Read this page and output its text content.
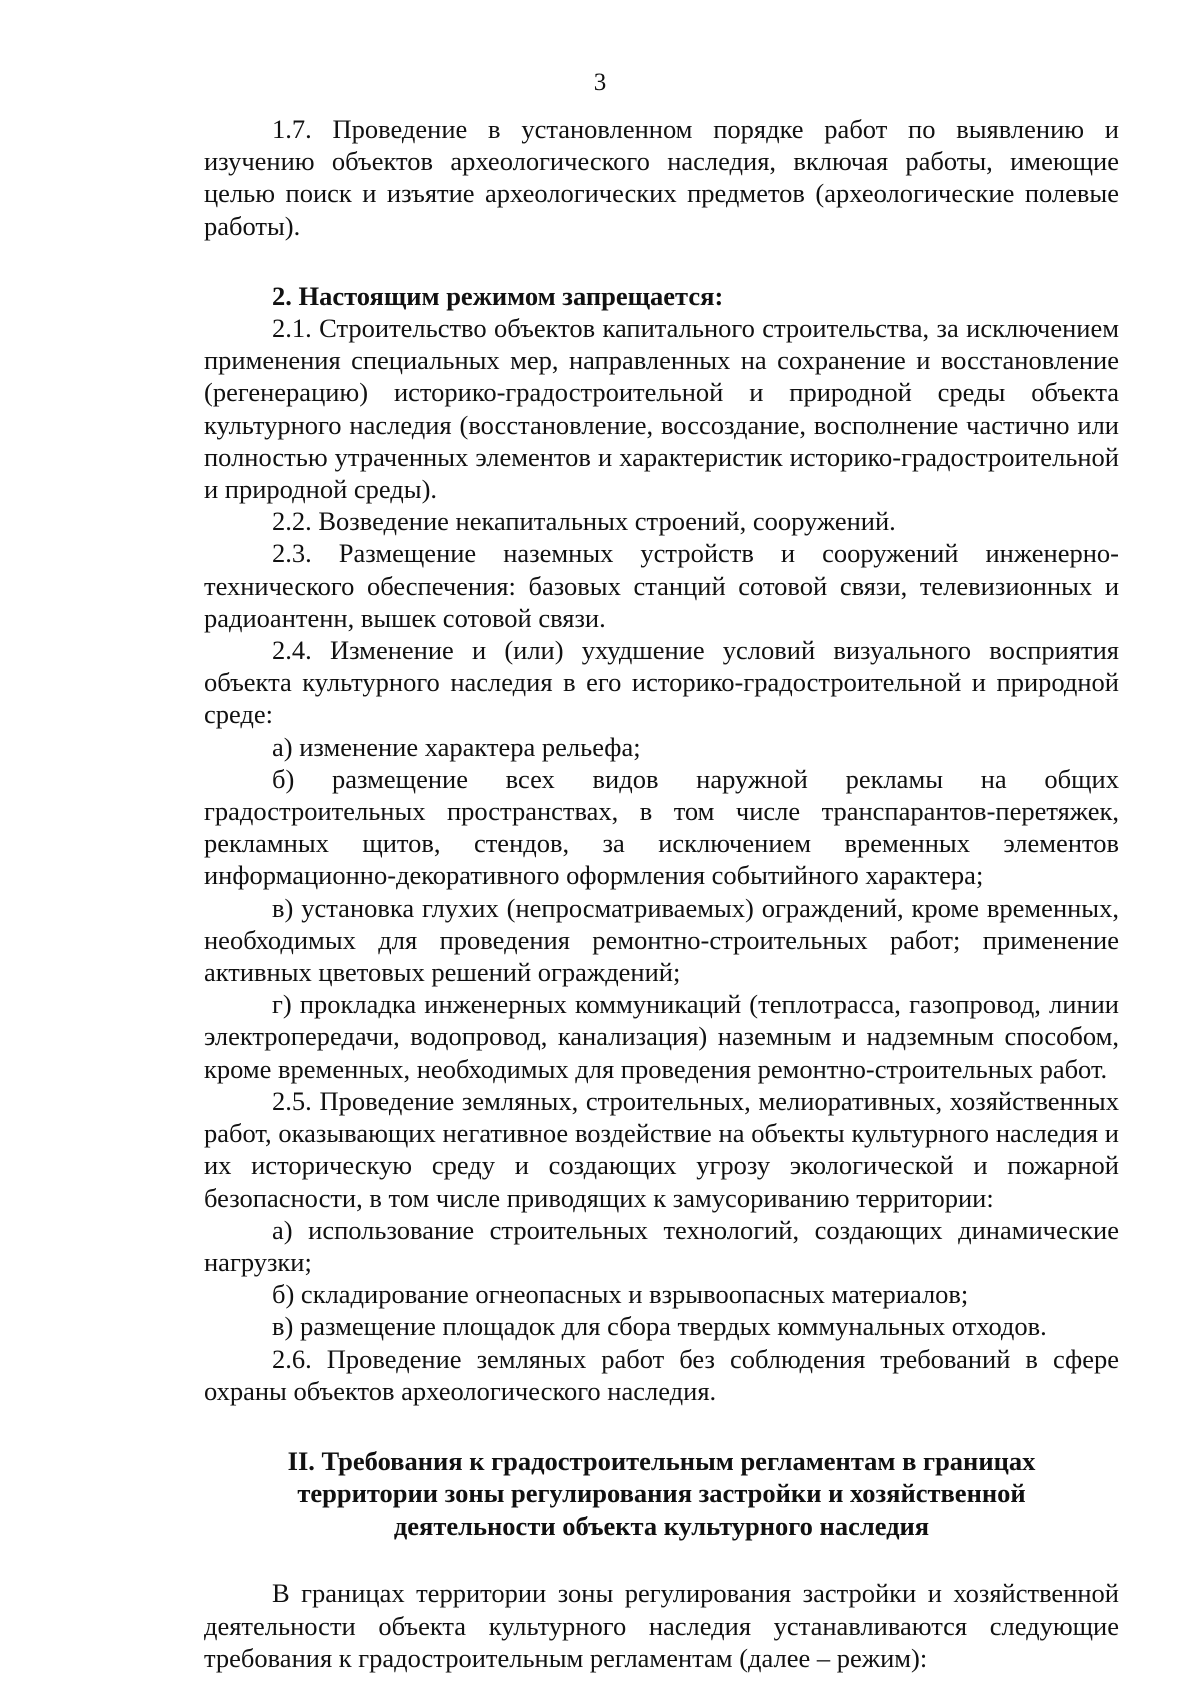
3

1.7. Проведение в установленном порядке работ по выявлению и изучению объектов археологического наследия, включая работы, имеющие целью поиск и изъятие археологических предметов (археологические полевые работы).

2. Настоящим режимом запрещается:

2.1. Строительство объектов капитального строительства, за исключением применения специальных мер, направленных на сохранение и восстановление (регенерацию) историко-градостроительной и природной среды объекта культурного наследия (восстановление, воссоздание, восполнение частично или полностью утраченных элементов и характеристик историко-градостроительной и природной среды).

2.2. Возведение некапитальных строений, сооружений.

2.3. Размещение наземных устройств и сооружений инженерно-технического обеспечения: базовых станций сотовой связи, телевизионных и радиоантенн, вышек сотовой связи.

2.4. Изменение и (или) ухудшение условий визуального восприятия объекта культурного наследия в его историко-градостроительной и природной среде:

а) изменение характера рельефа;

б) размещение всех видов наружной рекламы на общих градостроительных пространствах, в том числе транспарантов-перетяжек, рекламных щитов, стендов, за исключением временных элементов информационно-декоративного оформления событийного характера;

в) установка глухих (непросматриваемых) ограждений, кроме временных, необходимых для проведения ремонтно-строительных работ; применение активных цветовых решений ограждений;

г) прокладка инженерных коммуникаций (теплотрасса, газопровод, линии электропередачи, водопровод, канализация) наземным и надземным способом, кроме временных, необходимых для проведения ремонтно-строительных работ.

2.5. Проведение земляных, строительных, мелиоративных, хозяйственных работ, оказывающих негативное воздействие на объекты культурного наследия и их историческую среду и создающих угрозу экологической и пожарной безопасности, в том числе приводящих к замусориванию территории:

а) использование строительных технологий, создающих динамические нагрузки;

б) складирование огнеопасных и взрывоопасных материалов;

в) размещение площадок для сбора твердых коммунальных отходов.

2.6. Проведение земляных работ без соблюдения требований в сфере охраны объектов археологического наследия.

II. Требования к градостроительным регламентам в границах
территории зоны регулирования застройки и хозяйственной
деятельности объекта культурного наследия

В границах территории зоны регулирования застройки и хозяйственной деятельности объекта культурного наследия устанавливаются следующие требования к градостроительным регламентам (далее – режим):
